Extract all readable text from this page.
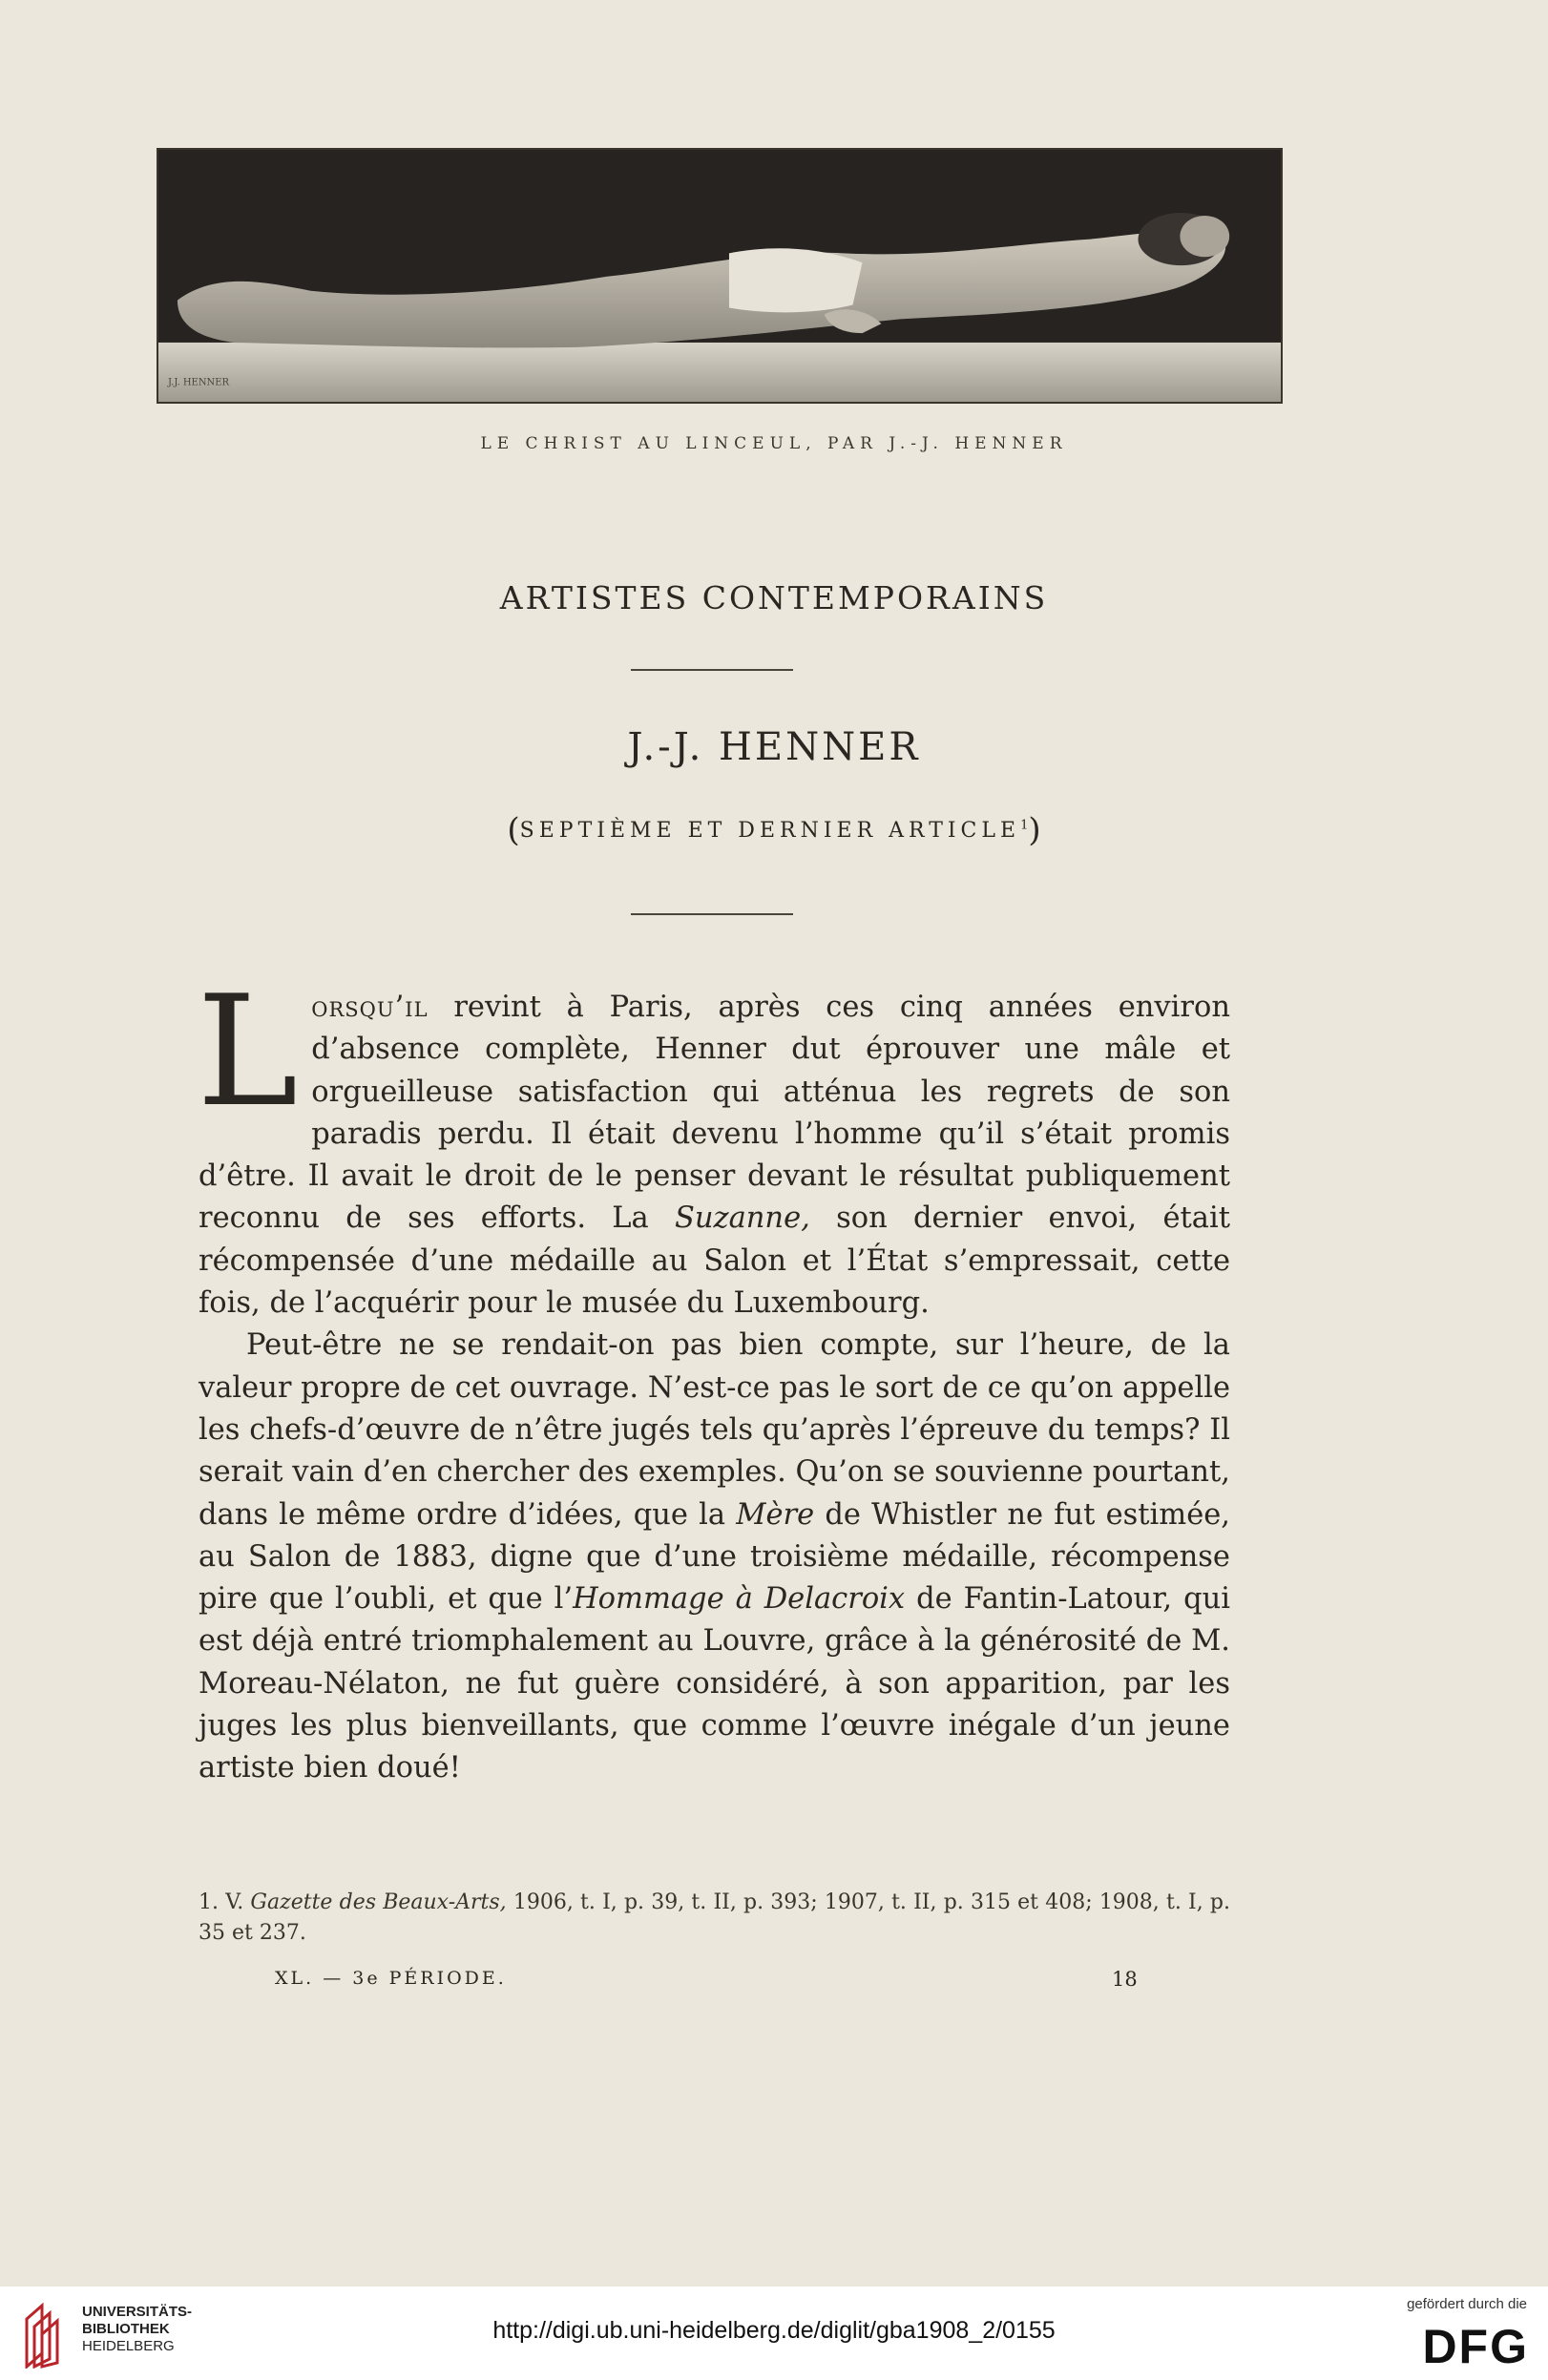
J.J. HENNER
LE CHRIST AU LINCEUL, PAR J.-J. HENNER
ARTISTES CONTEMPORAINS
J.-J. HENNER
(SEPTIÈME ET DERNIER ARTICLE$^1$)

Lorsqu’il revint à Paris, après ces cinq années environ d’absence complète, Henner dut éprouver une mâle et orgueilleuse satisfaction qui atténua les regrets de son paradis perdu. Il était devenu l’homme qu’il s’était promis d’être. Il avait le droit de le penser devant le résultat publiquement reconnu de ses efforts. La Suzanne, son dernier envoi, était récompensée d’une médaille au Salon et l’État s’empressait, cette fois, de l’acquérir pour le musée du Luxembourg.

Peut-être ne se rendait-on pas bien compte, sur l’heure, de la valeur propre de cet ouvrage. N’est-ce pas le sort de ce qu’on appelle les chefs-d’œuvre de n’être jugés tels qu’après l’épreuve du temps? Il serait vain d’en chercher des exemples. Qu’on se souvienne pourtant, dans le même ordre d’idées, que la Mère de Whistler ne fut estimée, au Salon de 1883, digne que d’une troisième médaille, récompense pire que l’oubli, et que l’Hommage à Delacroix de Fantin-Latour, qui est déjà entré triomphalement au Louvre, grâce à la générosité de M. Moreau-Nélaton, ne fut guère considéré, à son apparition, par les juges les plus bienveillants, que comme l’œuvre inégale d’un jeune artiste bien doué!

1. V. Gazette des Beaux-Arts, 1906, t. I, p. 39, t. II, p. 393; 1907, t. II, p. 315 et 408; 1908, t. I, p. 35 et 237.
XL. — 3e PÉRIODE.	18
UNIVERSITÄTS-
BIBLIOTHEK
HEIDELBERG
http://digi.ub.uni-heidelberg.de/diglit/gba1908_2/0155
gefördert durch die
DFG
